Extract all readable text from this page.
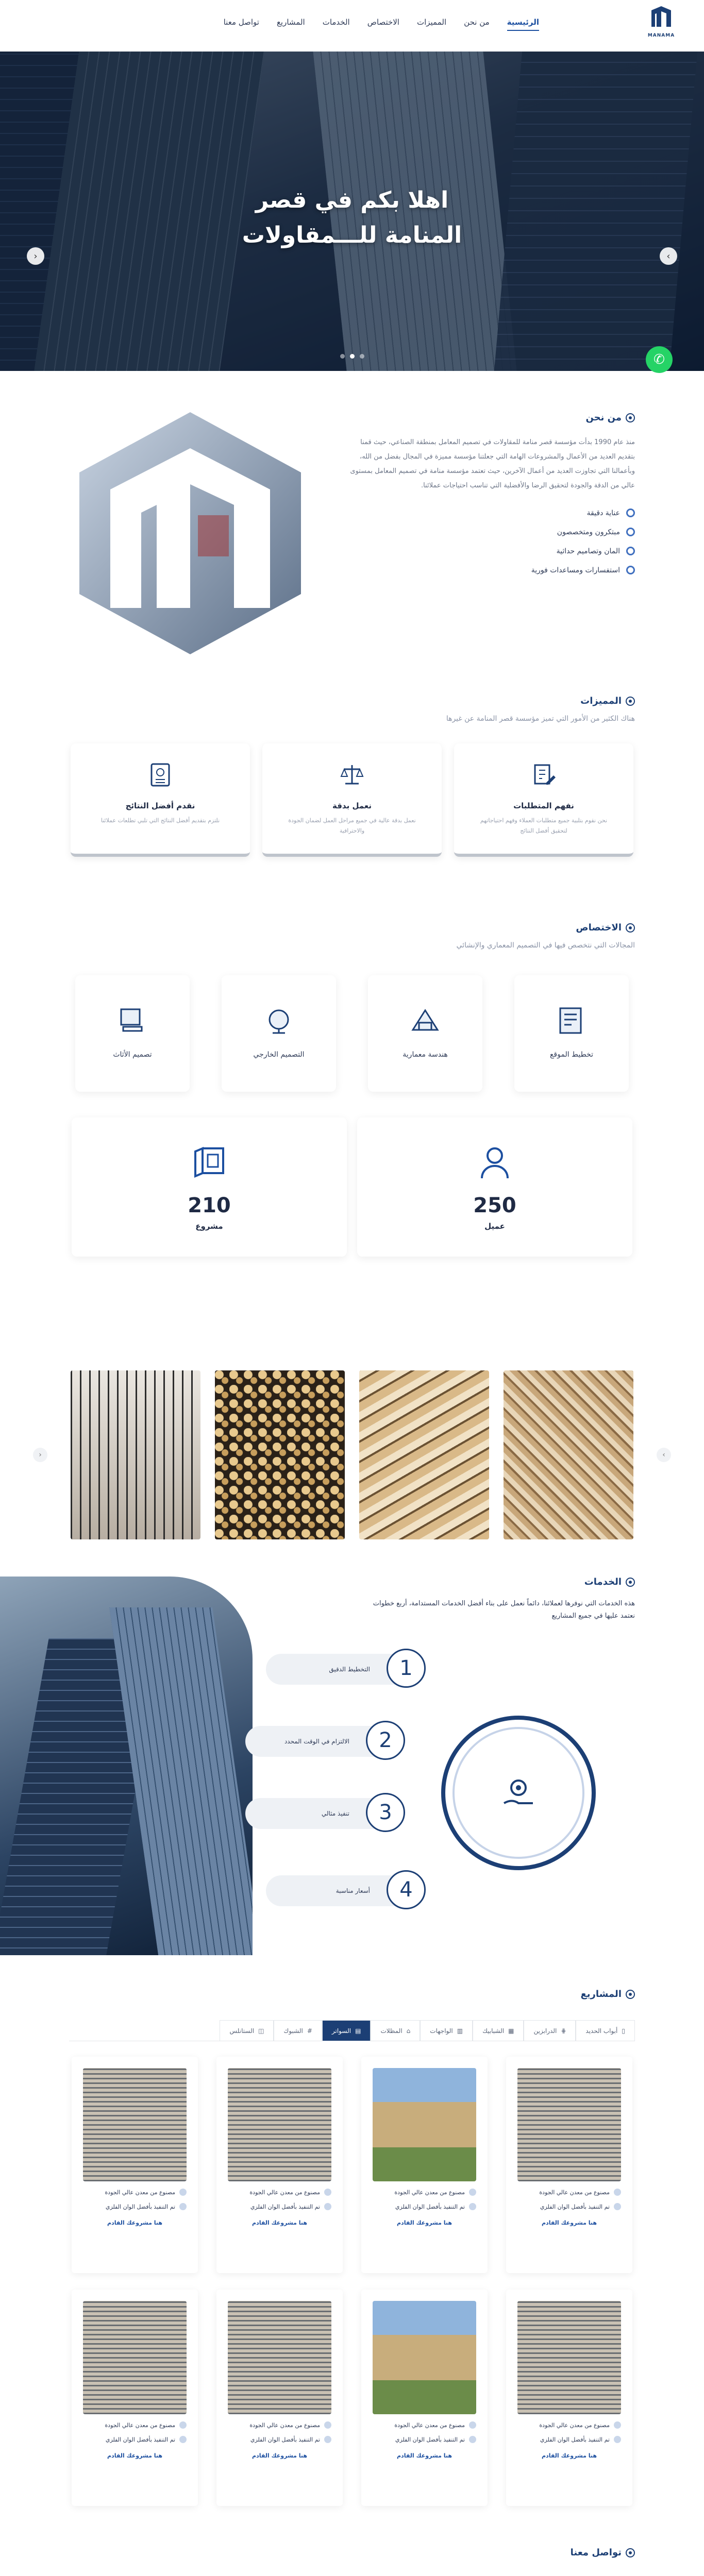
MANAMA
الرئيسية
من نحن
المميزات
الاختصاص
الخدمات
المشاريع
تواصل معنا
اهلا بكم في قصر
المنامة للـــمقاولات
‹	›
✆
من نحن

منذ عام 1990 بدأت مؤسسة قصر منامة للمقاولات في تصميم المعامل بمنطقة الصناعي، حيث قمنا بتقديم العديد من الأعمال والمشروعات الهامة التي جعلتنا مؤسسة مميزة في المجال بفضل من الله، وبأعمالنا التي تجاوزت العديد من أعمال الآخرين، حيث تعتمد مؤسسة منامة في تصميم المعامل بمستوى عالي من الدقة والجودة لتحقيق الرضا والأفضلية التي تناسب احتياجات عملائنا.

عناية دقيقة
مبتكرون ومتخصصون
المان وتصاميم حداثية
استفسارات ومساعدات فورية
المميزات
هناك الكثير من الأمور التي تميز مؤسسة قصر المنامة عن غيرها
نفهم المتطلبات

نحن نقوم بتلبية جميع متطلبات العملاء وفهم احتياجاتهم لتحقيق أفضل النتائج

نعمل بدقة

نعمل بدقة عالية في جميع مراحل العمل لضمان الجودة والاحترافية

نقدم أفضل النتائج

نلتزم بتقديم أفضل النتائج التي تلبي تطلعات عملائنا

الاختصاص
المجالات التي نتخصص فيها في التصميم المعماري والإنشائي
تخطيط الموقع
هندسة معمارية
التصميم الخارجي
تصميم الأثاث
250
عميل
210
مشروع
‹	›
الخدمات

هذه الخدمات التي نوفرها لعملائنا، دائماً نعمل على بناء أفضل الخدمات المستدامة، أربع خطوات نعتمد عليها في جميع المشاريع

1
التخطيط الدقيق
2
الالتزام في الوقت المحدد
3
تنفيذ مثالي
4
أسعار مناسبة
المشاريع
▯
أبواب الحديد
⋕
الدرابزين
▦
الشبابيك
▥
الواجهات
⌂
المظلات
▤
السواتر
#
الشبوك
◫
الستانلس
مصنوع من معدن عالي الجودة
تم التنفيذ بأفضل الوان الفلزي
هنا مشروعك القادم
مصنوع من معدن عالي الجودة
تم التنفيذ بأفضل الوان الفلزي
هنا مشروعك القادم
مصنوع من معدن عالي الجودة
تم التنفيذ بأفضل الوان الفلزي
هنا مشروعك القادم
مصنوع من معدن عالي الجودة
تم التنفيذ بأفضل الوان الفلزي
هنا مشروعك القادم
مصنوع من معدن عالي الجودة
تم التنفيذ بأفضل الوان الفلزي
هنا مشروعك القادم
مصنوع من معدن عالي الجودة
تم التنفيذ بأفضل الوان الفلزي
هنا مشروعك القادم
مصنوع من معدن عالي الجودة
تم التنفيذ بأفضل الوان الفلزي
هنا مشروعك القادم
مصنوع من معدن عالي الجودة
تم التنفيذ بأفضل الوان الفلزي
هنا مشروعك القادم
تواصل معنا
